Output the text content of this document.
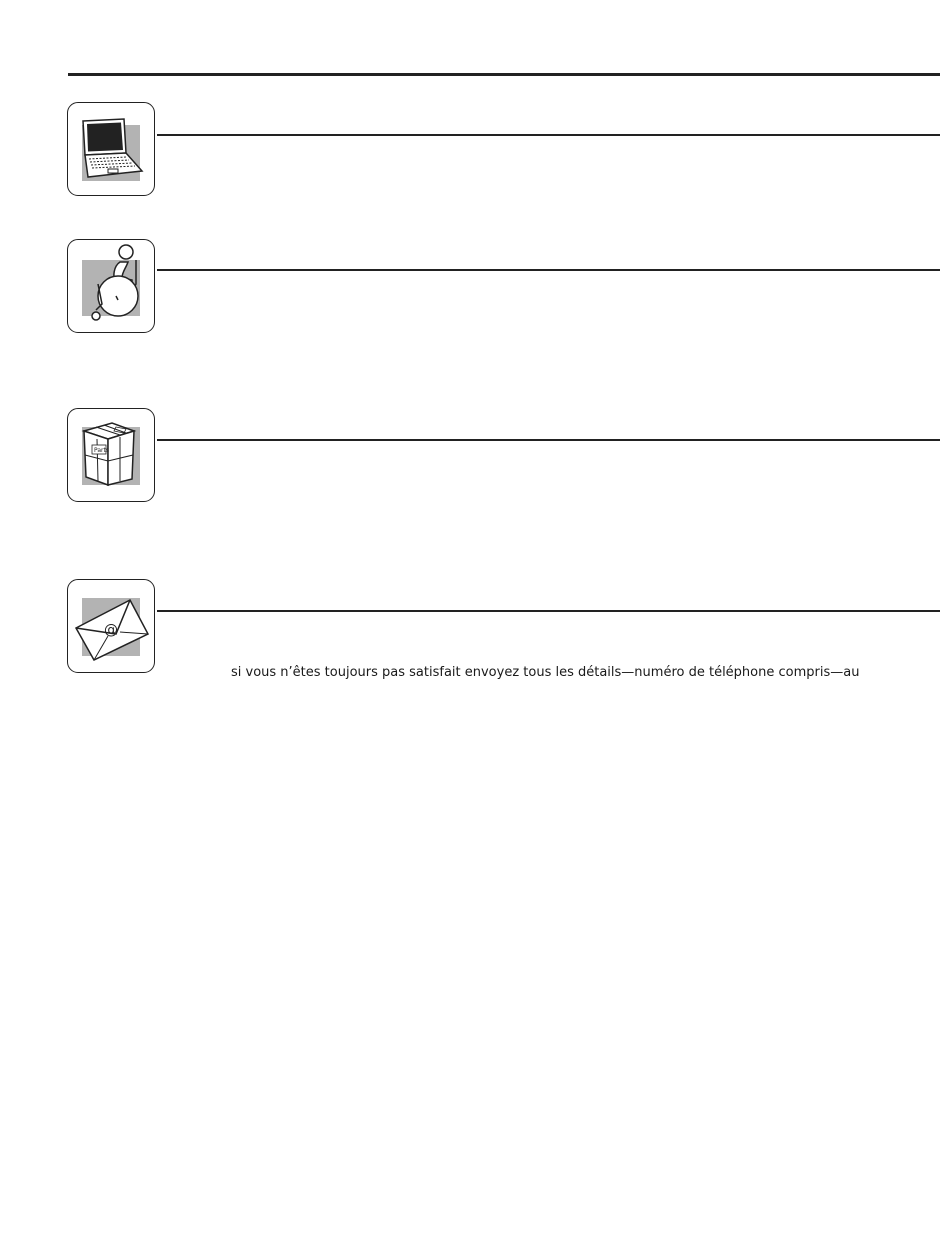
Parts
@
si vous n’êtes toujours pas satisfait envoyez tous les détails—numéro de téléphone compris—au
